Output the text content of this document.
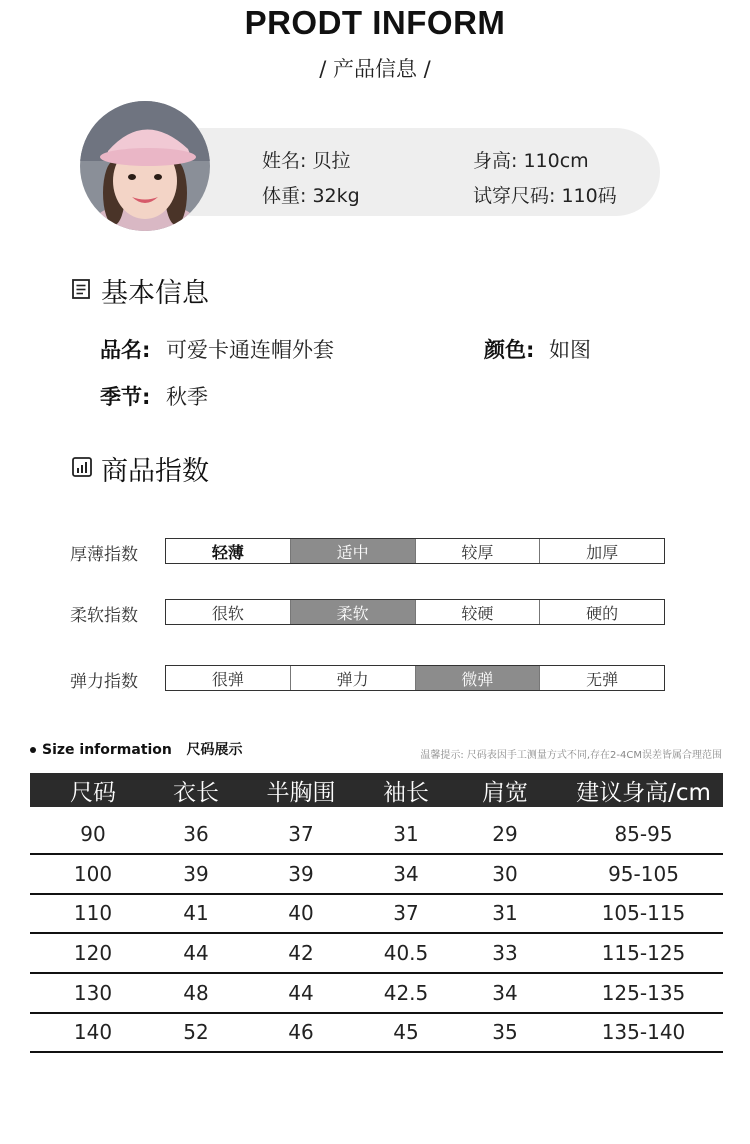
PRODT INFORM
/ 产品信息 /
姓名: 贝拉	身高: 110cm
体重: 32kg	试穿尺码: 110码
基本信息
品名: 可爱卡通连帽外套	颜色: 如图
季节: 秋季
商品指数
厚薄指数	轻薄	适中	较厚	加厚
柔软指数	很软	柔软	较硬	硬的
弹力指数	很弹	弹力	微弹	无弹
Size information 尺码展示	温馨提示: 尺码表因手工测量方式不同,存在2-4CM误差皆属合理范围
尺码	衣长	半胸围	袖长	肩宽	建议身高/cm
90	36	37	31	29	85-95
100	39	39	34	30	95-105
110	41	40	37	31	105-115
120	44	42	40.5	33	115-125
130	48	44	42.5	34	125-135
140	52	46	45	35	135-140
